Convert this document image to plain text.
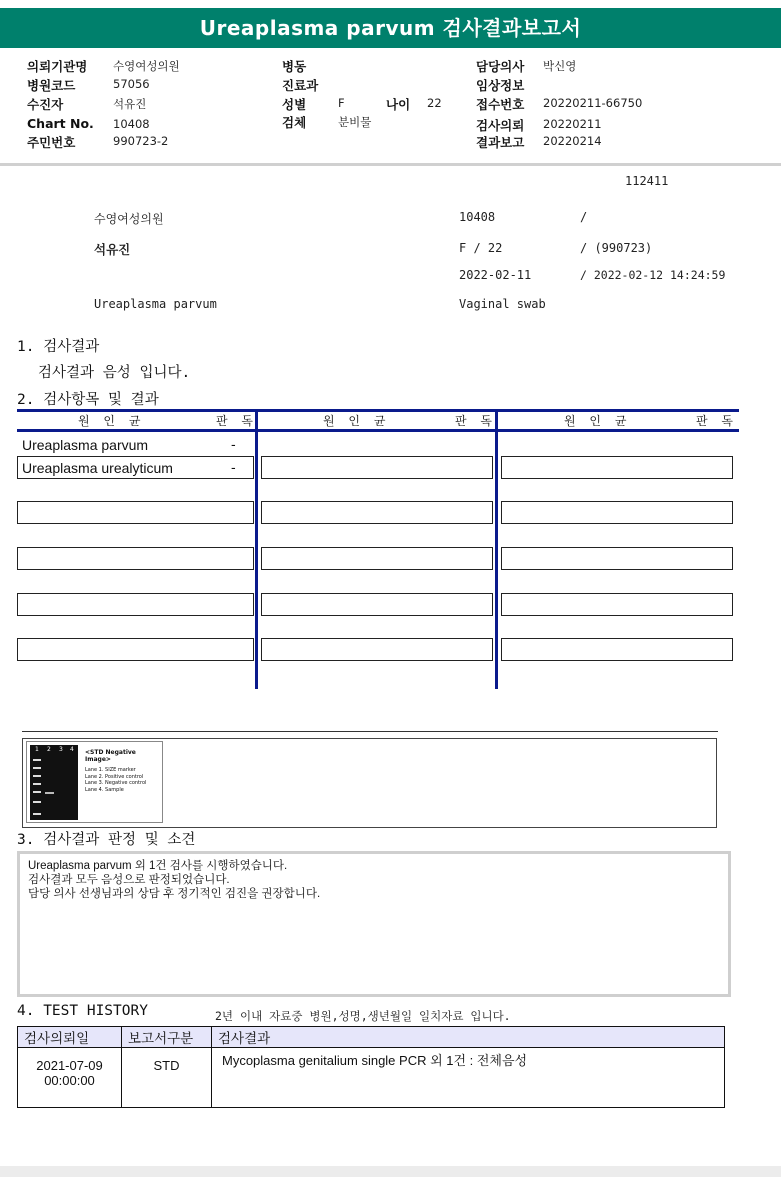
Ureaplasma parvum 검사결과보고서
의뢰기관명 수영여성의원
병원코드	57056
수진자	석유진
Chart No. 10408
주민번호	990723-2
병동
진료과
성별	F	나이 22
검체	분비물
담당의사 박신영
임상정보
접수번호 20220211-66750
검사의뢰 20220211
결과보고 20220214
112411
수영여성의원	10408	/
석유진	F / 22	/ (990723)
2022-02-11	/ 2022-02-12 14:24:59
Ureaplasma parvum	Vaginal swab
1. 검사결과
검사결과 음성 입니다.
2. 검사항목 및 결과
원 인 균	판 독	원 인 균	판 독	원 인 균	판 독
Ureaplasma parvum	-
Ureaplasma urealyticum	-
1 2 3 4 <STD Negative Image>
Lane 1. SIZE marker
Lane 2. Positive control
Lane 3. Negative control
Lane 4. Sample
3. 검사결과 판정 및 소견

Ureaplasma parvum 외 1건 검사를 시행하였습니다.

검사결과 모두 음성으로 판정되었습니다.

담당 의사 선생님과의 상담 후 정기적인 검진을 권장합니다.

4. TEST HISTORY	2년 이내 자료중 병원,성명,생년월일 일치자료 입니다.
검사의뢰일	보고서구분	검사결과

2021-07-09
00:00:00	STD	Mycoplasma genitalium single PCR 외 1건 : 전체음성
